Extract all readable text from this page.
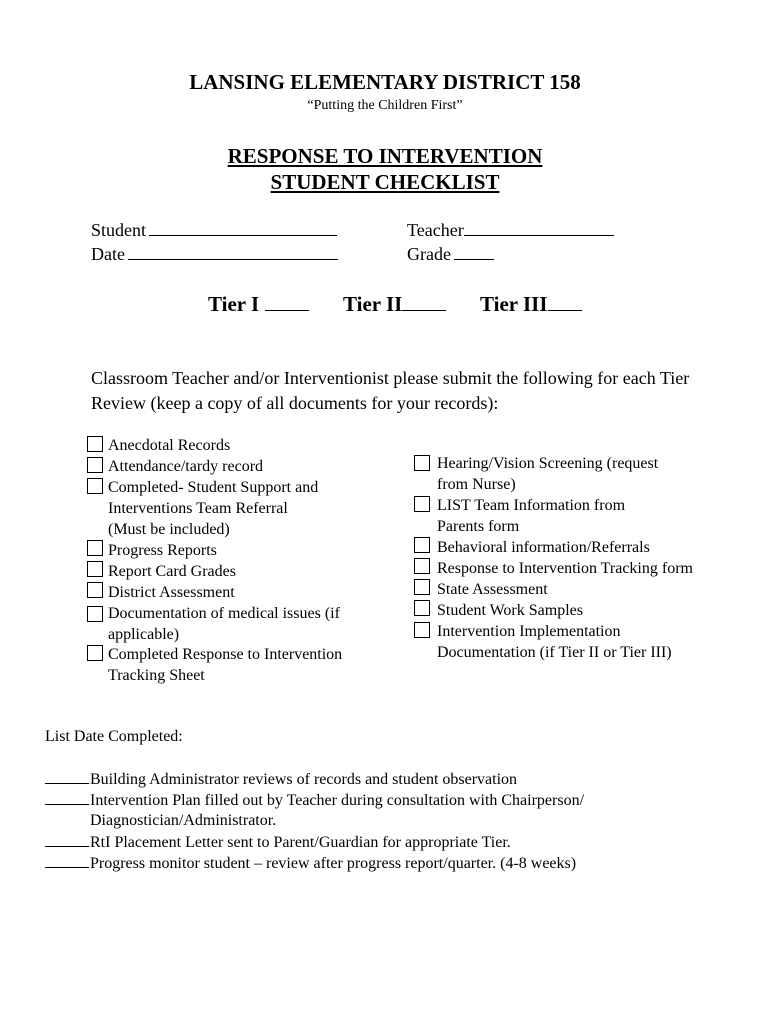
LANSING ELEMENTARY DISTRICT 158
“Putting the Children First”
RESPONSE TO INTERVENTION
STUDENT CHECKLIST
Student
Date
Teacher
Grade
Tier I	Tier II	Tier III
Classroom Teacher and/or Interventionist please submit the following for each Tier Review (keep a copy of all documents for your records):
Anecdotal Records
Attendance/tardy record
Completed- Student Support and
Interventions Team Referral
(Must be included)
Progress Reports
Report Card Grades
District Assessment
Documentation of medical issues (if
applicable)
Completed Response to Intervention
Tracking Sheet
Hearing/Vision Screening (request
from Nurse)
LIST Team Information from
Parents form
Behavioral information/Referrals
Response to Intervention Tracking form
State Assessment
Student Work Samples
Intervention Implementation
Documentation (if Tier II or Tier III)
List Date Completed:
Building Administrator reviews of records and student observation
Intervention Plan filled out by Teacher during consultation with Chairperson/
Diagnostician/Administrator.
RtI Placement Letter sent to Parent/Guardian for appropriate Tier.
Progress monitor student – review after progress report/quarter. (4-8 weeks)
